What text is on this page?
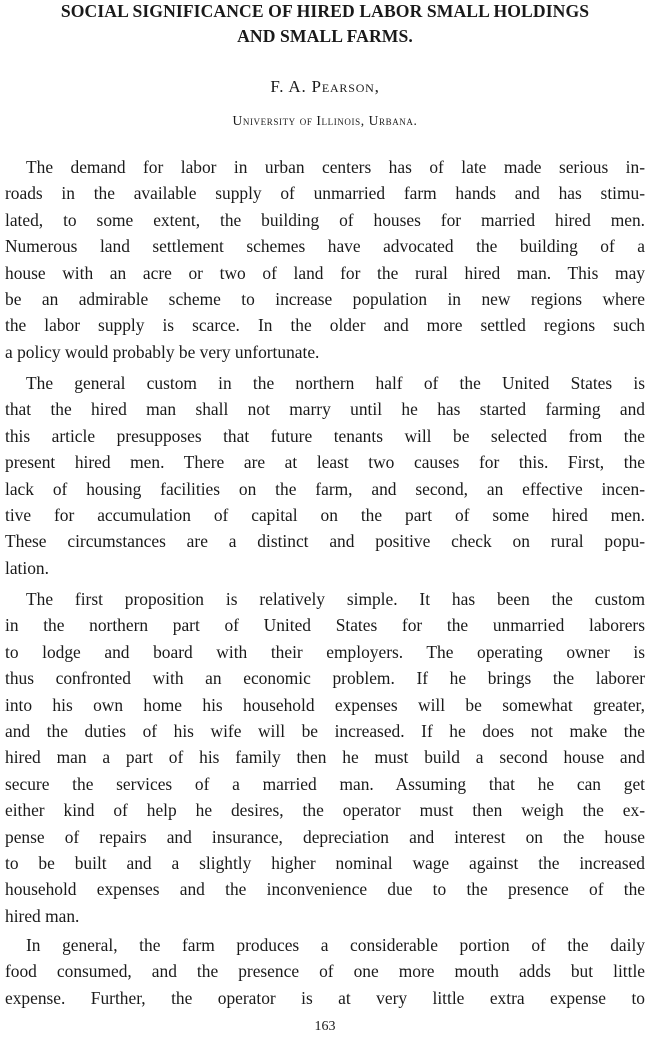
SOCIAL SIGNIFICANCE OF HIRED LABOR SMALL HOLDINGS
AND SMALL FARMS.

F. A. Pearson,

University of Illinois, Urbana.

The demand for labor in urban centers has of late made serious in-
roads in the available supply of unmarried farm hands and has stimu-
lated, to some extent, the building of houses for married hired men.
Numerous land settlement schemes have advocated the building of a
house with an acre or two of land for the rural hired man. This may
be an admirable scheme to increase population in new regions where
the labor supply is scarce. In the older and more settled regions such
a policy would probably be very unfortunate.
The general custom in the northern half of the United States is
that the hired man shall not marry until he has started farming and
this article presupposes that future tenants will be selected from the
present hired men. There are at least two causes for this. First, the
lack of housing facilities on the farm, and second, an effective incen-
tive for accumulation of capital on the part of some hired men.
These circumstances are a distinct and positive check on rural popu-
lation.
The first proposition is relatively simple. It has been the custom
in the northern part of United States for the unmarried laborers
to lodge and board with their employers. The operating owner is
thus confronted with an economic problem. If he brings the laborer
into his own home his household expenses will be somewhat greater,
and the duties of his wife will be increased. If he does not make the
hired man a part of his family then he must build a second house and
secure the services of a married man. Assuming that he can get
either kind of help he desires, the operator must then weigh the ex-
pense of repairs and insurance, depreciation and interest on the house
to be built and a slightly higher nominal wage against the increased
household expenses and the inconvenience due to the presence of the
hired man.
In general, the farm produces a considerable portion of the daily
food consumed, and the presence of one more mouth adds but little
expense. Further, the operator is at very little extra expense to

163
